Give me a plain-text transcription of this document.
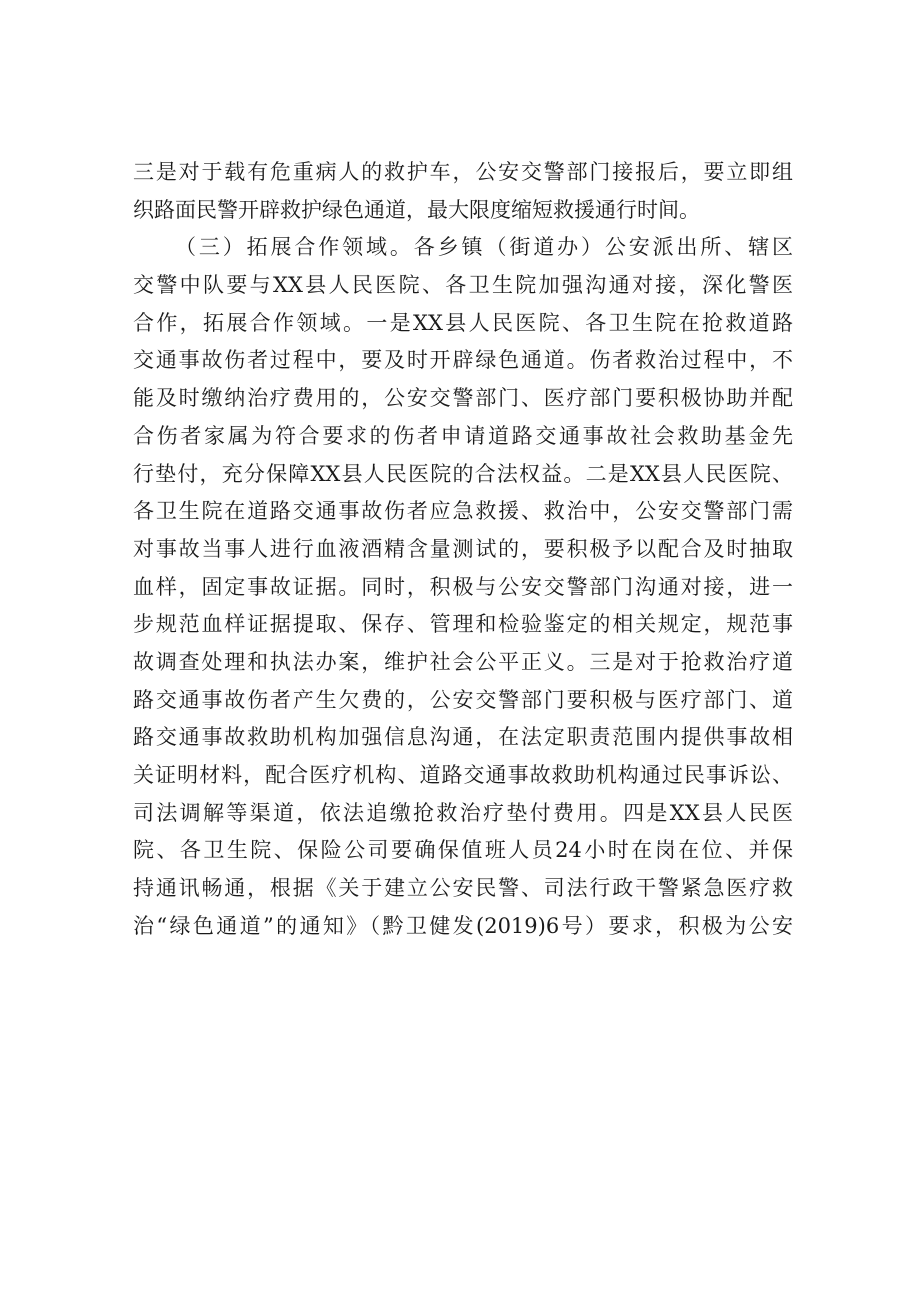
三是对于载有危重病人的救护车，公安交警部门接报后，要立即组
织路面民警开辟救护绿色通道，最大限度缩短救援通行时间。
（三）拓展合作领域。各乡镇（街道办）公安派出所、辖区
交警中队要与XX县人民医院、各卫生院加强沟通对接，深化警医
合作，拓展合作领域。一是XX县人民医院、各卫生院在抢救道路
交通事故伤者过程中，要及时开辟绿色通道。伤者救治过程中，不
能及时缴纳治疗费用的，公安交警部门、医疗部门要积极协助并配
合伤者家属为符合要求的伤者申请道路交通事故社会救助基金先
行垫付，充分保障XX县人民医院的合法权益。二是XX县人民医院、
各卫生院在道路交通事故伤者应急救援、救治中，公安交警部门需
对事故当事人进行血液酒精含量测试的，要积极予以配合及时抽取
血样，固定事故证据。同时，积极与公安交警部门沟通对接，进一
步规范血样证据提取、保存、管理和检验鉴定的相关规定，规范事
故调查处理和执法办案，维护社会公平正义。三是对于抢救治疗道
路交通事故伤者产生欠费的，公安交警部门要积极与医疗部门、道
路交通事故救助机构加强信息沟通，在法定职责范围内提供事故相
关证明材料，配合医疗机构、道路交通事故救助机构通过民事诉讼、
司法调解等渠道，依法追缴抢救治疗垫付费用。四是XX县人民医
院、各卫生院、保险公司要确保值班人员24小时在岗在位、并保
持通讯畅通，根据《关于建立公安民警、司法行政干警紧急医疗救
治“绿色通道”的通知》（黔卫健发(2019)6号）要求，积极为公安
